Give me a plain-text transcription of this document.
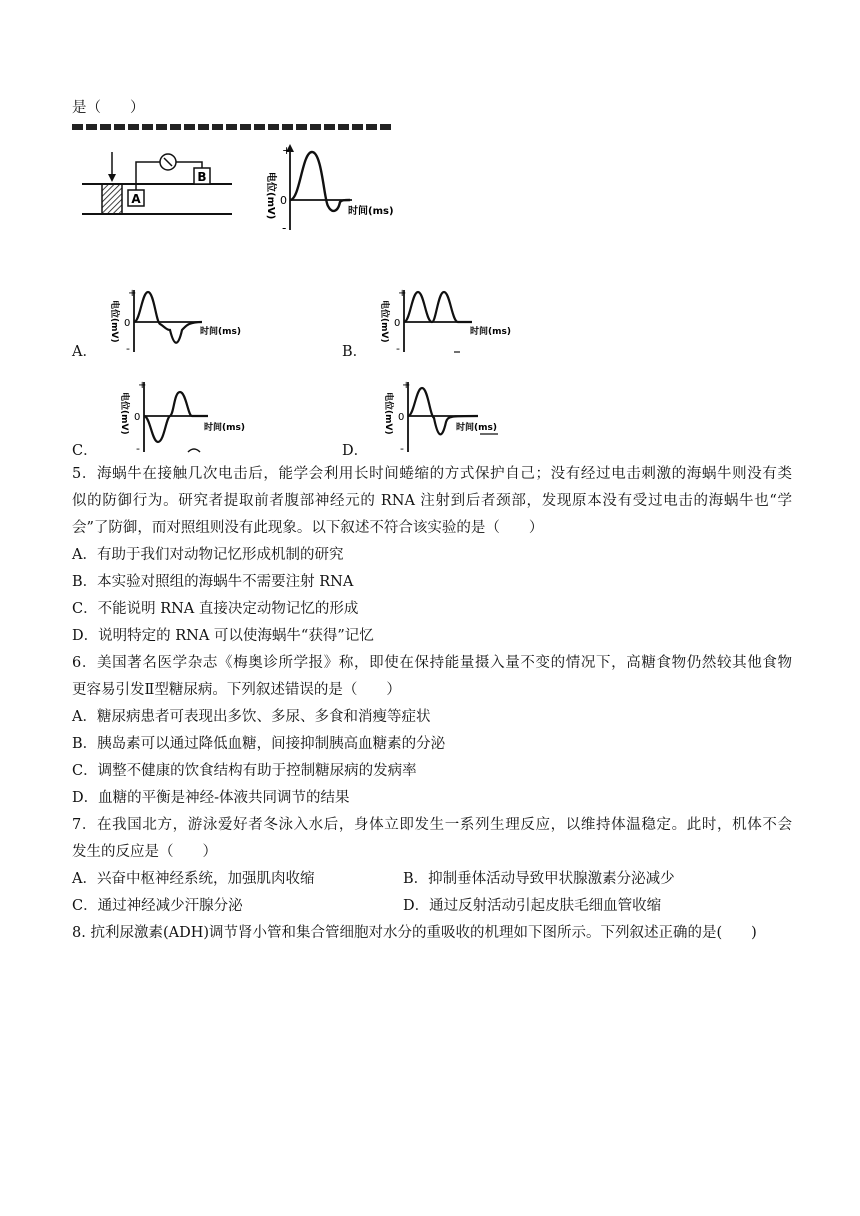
是（　　）
A
B
+
0
-
电位(mV)	时间(ms)
A．
+
0
-
电位(mV)	时间(ms)
B．
+
0
-
电位(mV)	时间(ms)
C．
+
0
-
电位(mV)	时间(ms)
D．
+
0
-
电位(mV)	时间(ms)
5．海蜗牛在接触几次电击后，能学会利用长时间蜷缩的方式保护自己；没有经过电击刺激的海蜗牛则没有类
似的防御行为。研究者提取前者腹部神经元的 RNA 注射到后者颈部，发现原本没有受过电击的海蜗牛也“学
会”了防御，而对照组则没有此现象。以下叙述不符合该实验的是（　　）
A．有助于我们对动物记忆形成机制的研究
B．本实验对照组的海蜗牛不需要注射 RNA
C．不能说明 RNA 直接决定动物记忆的形成
D．说明特定的 RNA 可以使海蜗牛“获得”记忆
6．美国著名医学杂志《梅奥诊所学报》称，即使在保持能量摄入量不变的情况下，高糖食物仍然较其他食物
更容易引发Ⅱ型糖尿病。下列叙述错误的是（　　）
A．糖尿病患者可表现出多饮、多尿、多食和消瘦等症状
B．胰岛素可以通过降低血糖，间接抑制胰高血糖素的分泌
C．调整不健康的饮食结构有助于控制糖尿病的发病率
D．血糖的平衡是神经-体液共同调节的结果
7．在我国北方，游泳爱好者冬泳入水后，身体立即发生一系列生理反应，以维持体温稳定。此时，机体不会
发生的反应是（　　）
A．兴奋中枢神经系统，加强肌肉收缩	B．抑制垂体活动导致甲状腺激素分泌减少
C．通过神经减少汗腺分泌	D．通过反射活动引起皮肤毛细血管收缩
8. 抗利尿激素(ADH)调节肾小管和集合管细胞对水分的重吸收的机理如下图所示。下列叙述正确的是(　　)
